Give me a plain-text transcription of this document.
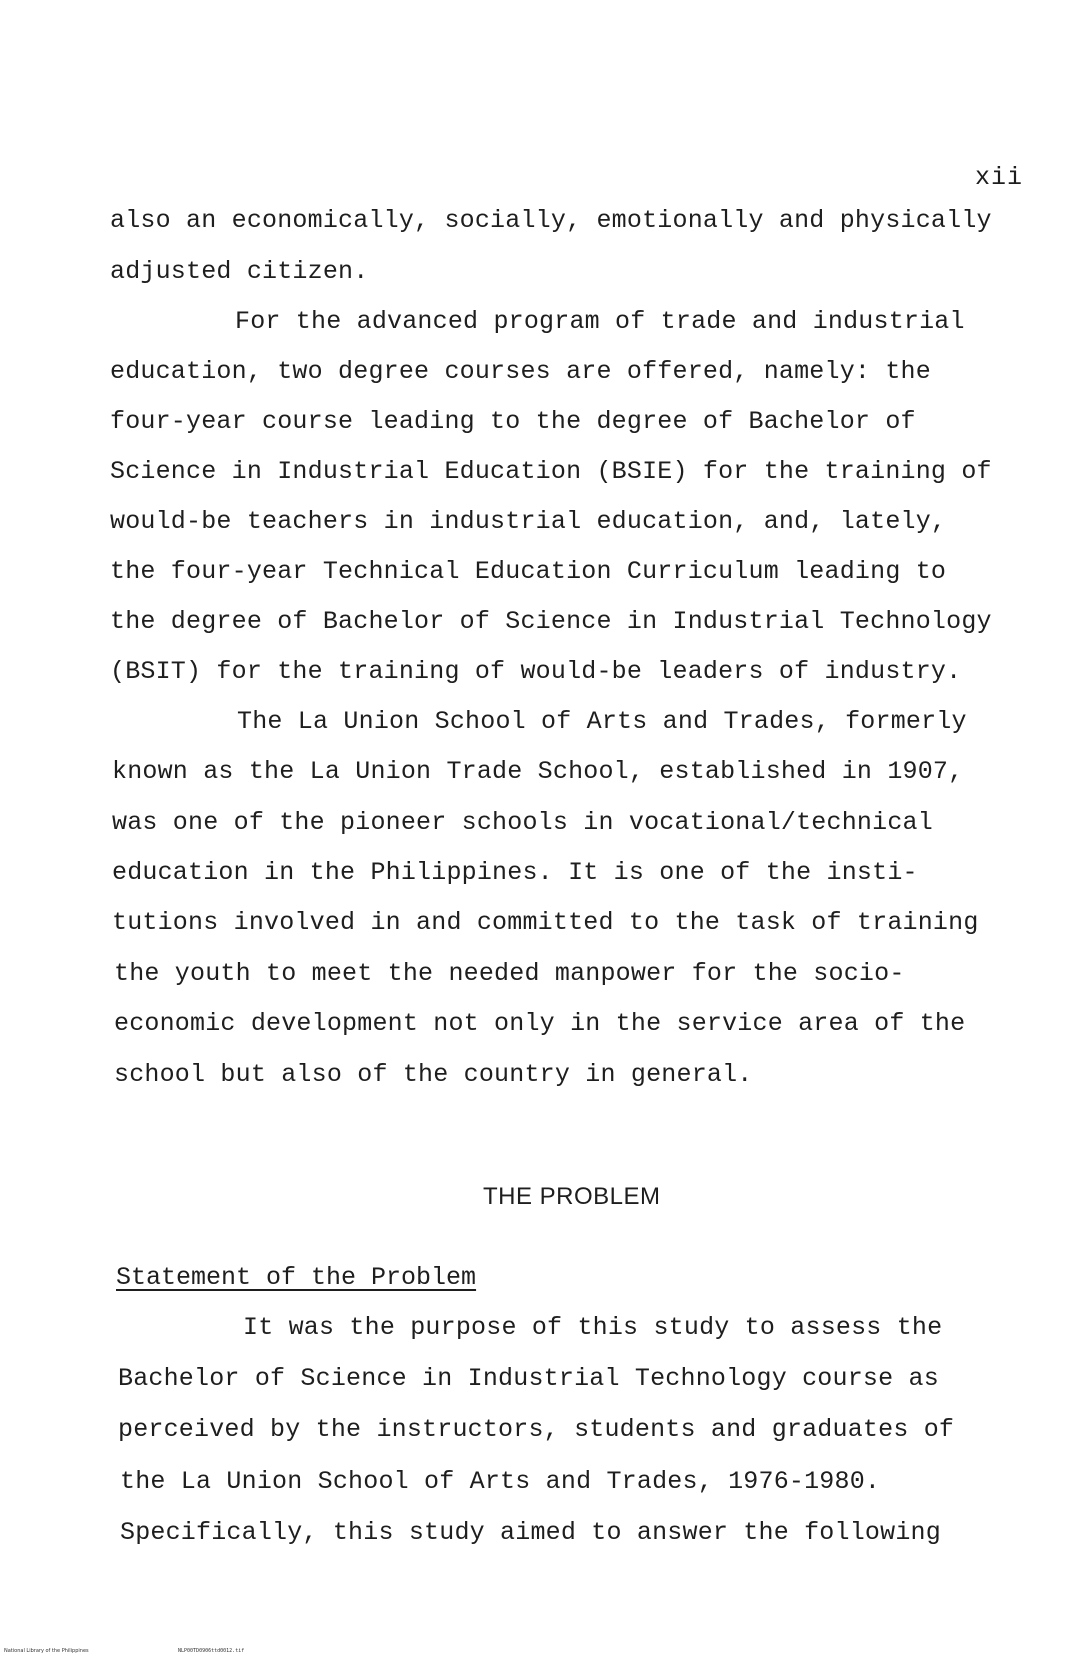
xii
also an economically, socially, emotionally and physically
adjusted citizen.
For the advanced program of trade and industrial
education, two degree courses are offered, namely: the
four-year course leading to the degree of Bachelor of
Science in Industrial Education (BSIE) for the training of
would-be teachers in industrial education, and, lately,
the four-year Technical Education Curriculum leading to
the degree of Bachelor of Science in Industrial Technology
(BSIT) for the training of would-be leaders of industry.
The La Union School of Arts and Trades, formerly
known as the La Union Trade School, established in 1907,
was one of the pioneer schools in vocational/technical
education in the Philippines. It is one of the insti-
tutions involved in and committed to the task of training
the youth to meet the needed manpower for the socio-
economic development not only in the service area of the
school but also of the country in general.
THE PROBLEM
Statement of the Problem
It was the purpose of this study to assess the
Bachelor of Science in Industrial Technology course as
perceived by the instructors, students and graduates of
the La Union School of Arts and Trades, 1976-1980.
Specifically, this study aimed to answer the following
National Library of the Philippines	NLP00TD0906ttd0012.tif
